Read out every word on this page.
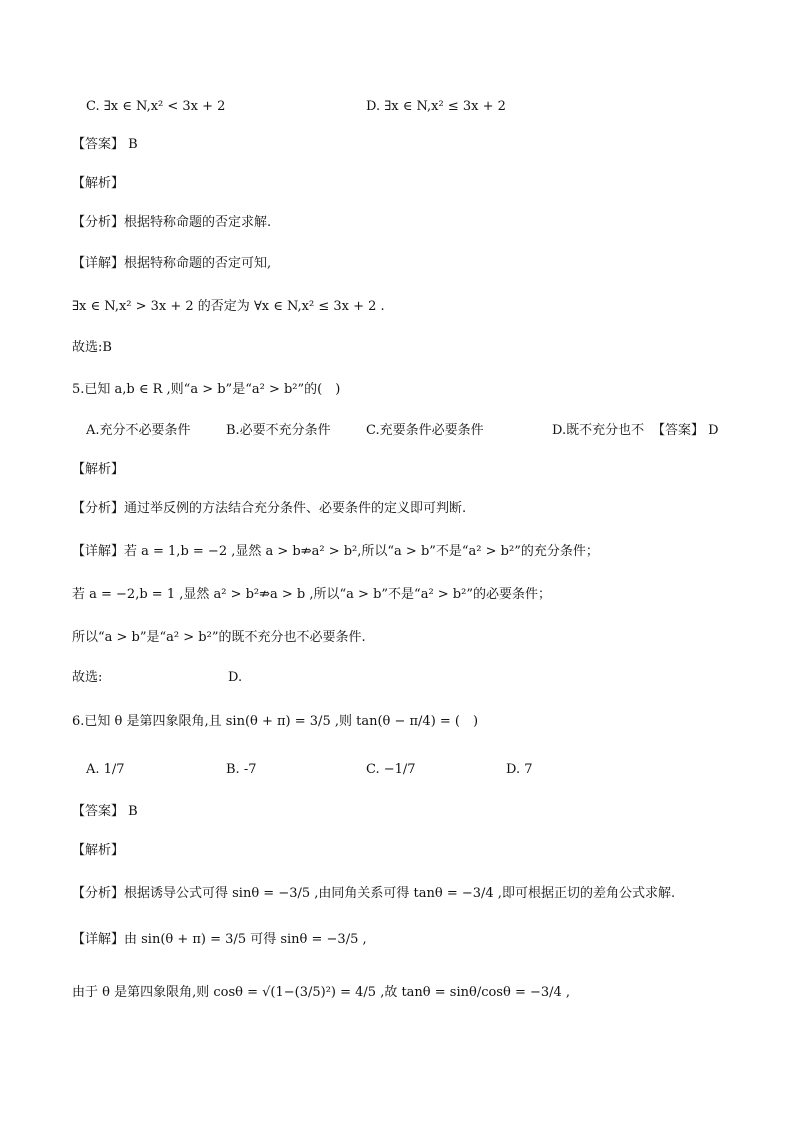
C. ∃x ∈ N,x² < 3x + 2	D. ∃x ∈ N,x² ≤ 3x + 2
【答案】 B
【解析】
【分析】根据特称命题的否定求解.
【详解】根据特称命题的否定可知,
∃x ∈ N,x² > 3x + 2 的否定为 ∀x ∈ N,x² ≤ 3x + 2 .
故选:B
5.已知 a,b ∈ R ,则“a > b”是“a² > b²”的(　)
A.充分不必要条件	B.必要不充分条件	C.充要条件必要条件	D.既不充分也不 【答案】 D
【解析】
【分析】通过举反例的方法结合充分条件、必要条件的定义即可判断.
【详解】若 a = 1,b = −2 ,显然 a > b⇏a² > b²,所以“a > b”不是“a² > b²”的充分条件；
若 a = −2,b = 1 ,显然 a² > b²⇏a > b ,所以“a > b”不是“a² > b²”的必要条件；
所以“a > b”是“a² > b²”的既不充分也不必要条件.
故选:	D.
6.已知 θ 是第四象限角,且 sin(θ + π) = 3/5 ,则 tan(θ − π/4) = (　)
A. 1/7	B. -7	C. −1/7	D. 7
【答案】 B
【解析】
【分析】根据诱导公式可得 sinθ = −3/5 ,由同角关系可得 tanθ = −3/4 ,即可根据正切的差角公式求解.
【详解】由 sin(θ + π) = 3/5 可得 sinθ = −3/5 ,
由于 θ 是第四象限角,则 cosθ = √(1−(3/5)²) = 4/5 ,故 tanθ = sinθ/cosθ = −3/4 ,
